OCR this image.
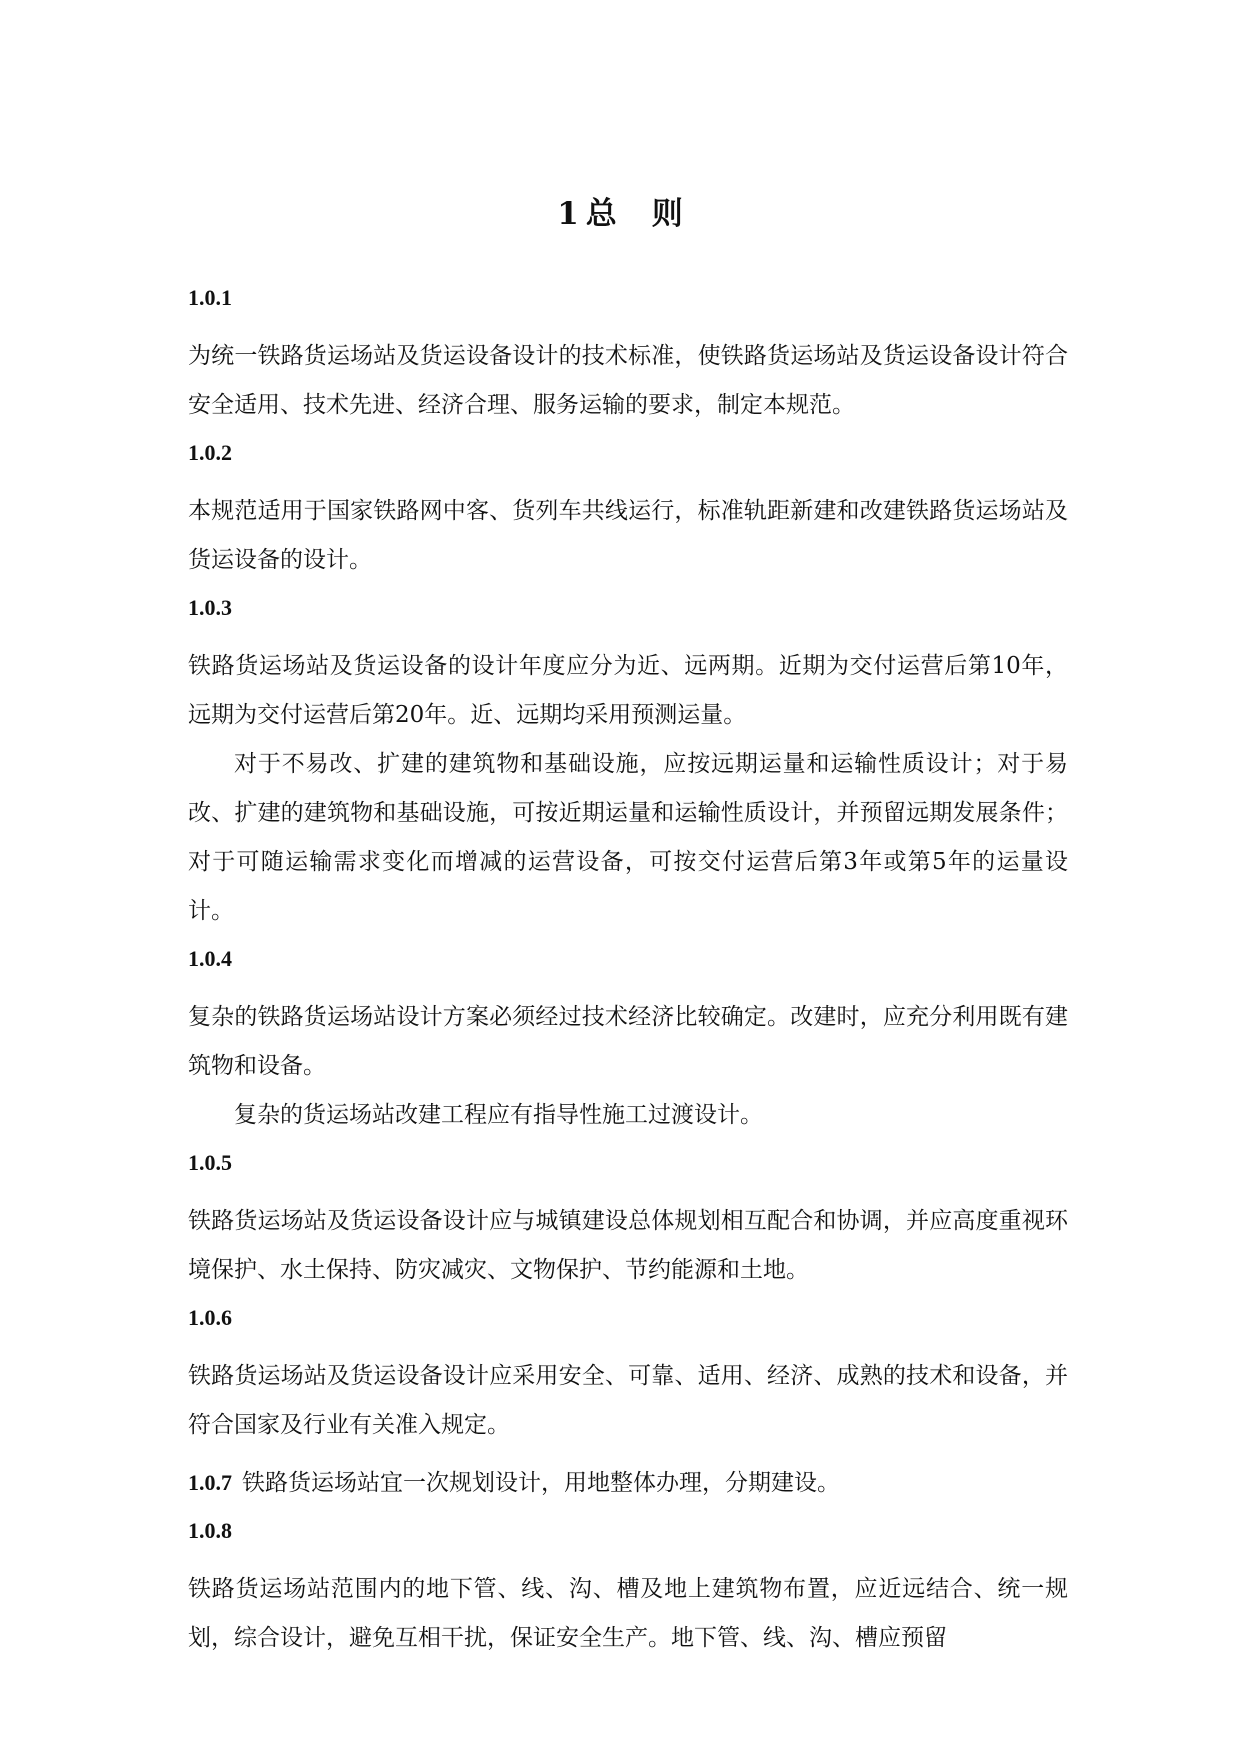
1 总 则
1.0.1

为统一铁路货运场站及货运设备设计的技术标准，使铁路货运场站及货运设备设计符合安全适用、技术先进、经济合理、服务运输的要求，制定本规范。

1.0.2

本规范适用于国家铁路网中客、货列车共线运行，标准轨距新建和改建铁路货运场站及货运设备的设计。

1.0.3

铁路货运场站及货运设备的设计年度应分为近、远两期。近期为交付运营后第10年，远期为交付运营后第20年。近、远期均采用预测运量。

对于不易改、扩建的建筑物和基础设施，应按远期运量和运输性质设计；对于易改、扩建的建筑物和基础设施，可按近期运量和运输性质设计，并预留远期发展条件；对于可随运输需求变化而增减的运营设备，可按交付运营后第3年或第5年的运量设计。

1.0.4

复杂的铁路货运场站设计方案必须经过技术经济比较确定。改建时，应充分利用既有建筑物和设备。

复杂的货运场站改建工程应有指导性施工过渡设计。

1.0.5

铁路货运场站及货运设备设计应与城镇建设总体规划相互配合和协调，并应高度重视环境保护、水土保持、防灾减灾、文物保护、节约能源和土地。

1.0.6

铁路货运场站及货运设备设计应采用安全、可靠、适用、经济、成熟的技术和设备，并符合国家及行业有关准入规定。

1.0.7 铁路货运场站宜一次规划设计，用地整体办理，分期建设。

1.0.8

铁路货运场站范围内的地下管、线、沟、槽及地上建筑物布置，应近远结合、统一规划，综合设计，避免互相干扰，保证安全生产。地下管、线、沟、槽应预留
